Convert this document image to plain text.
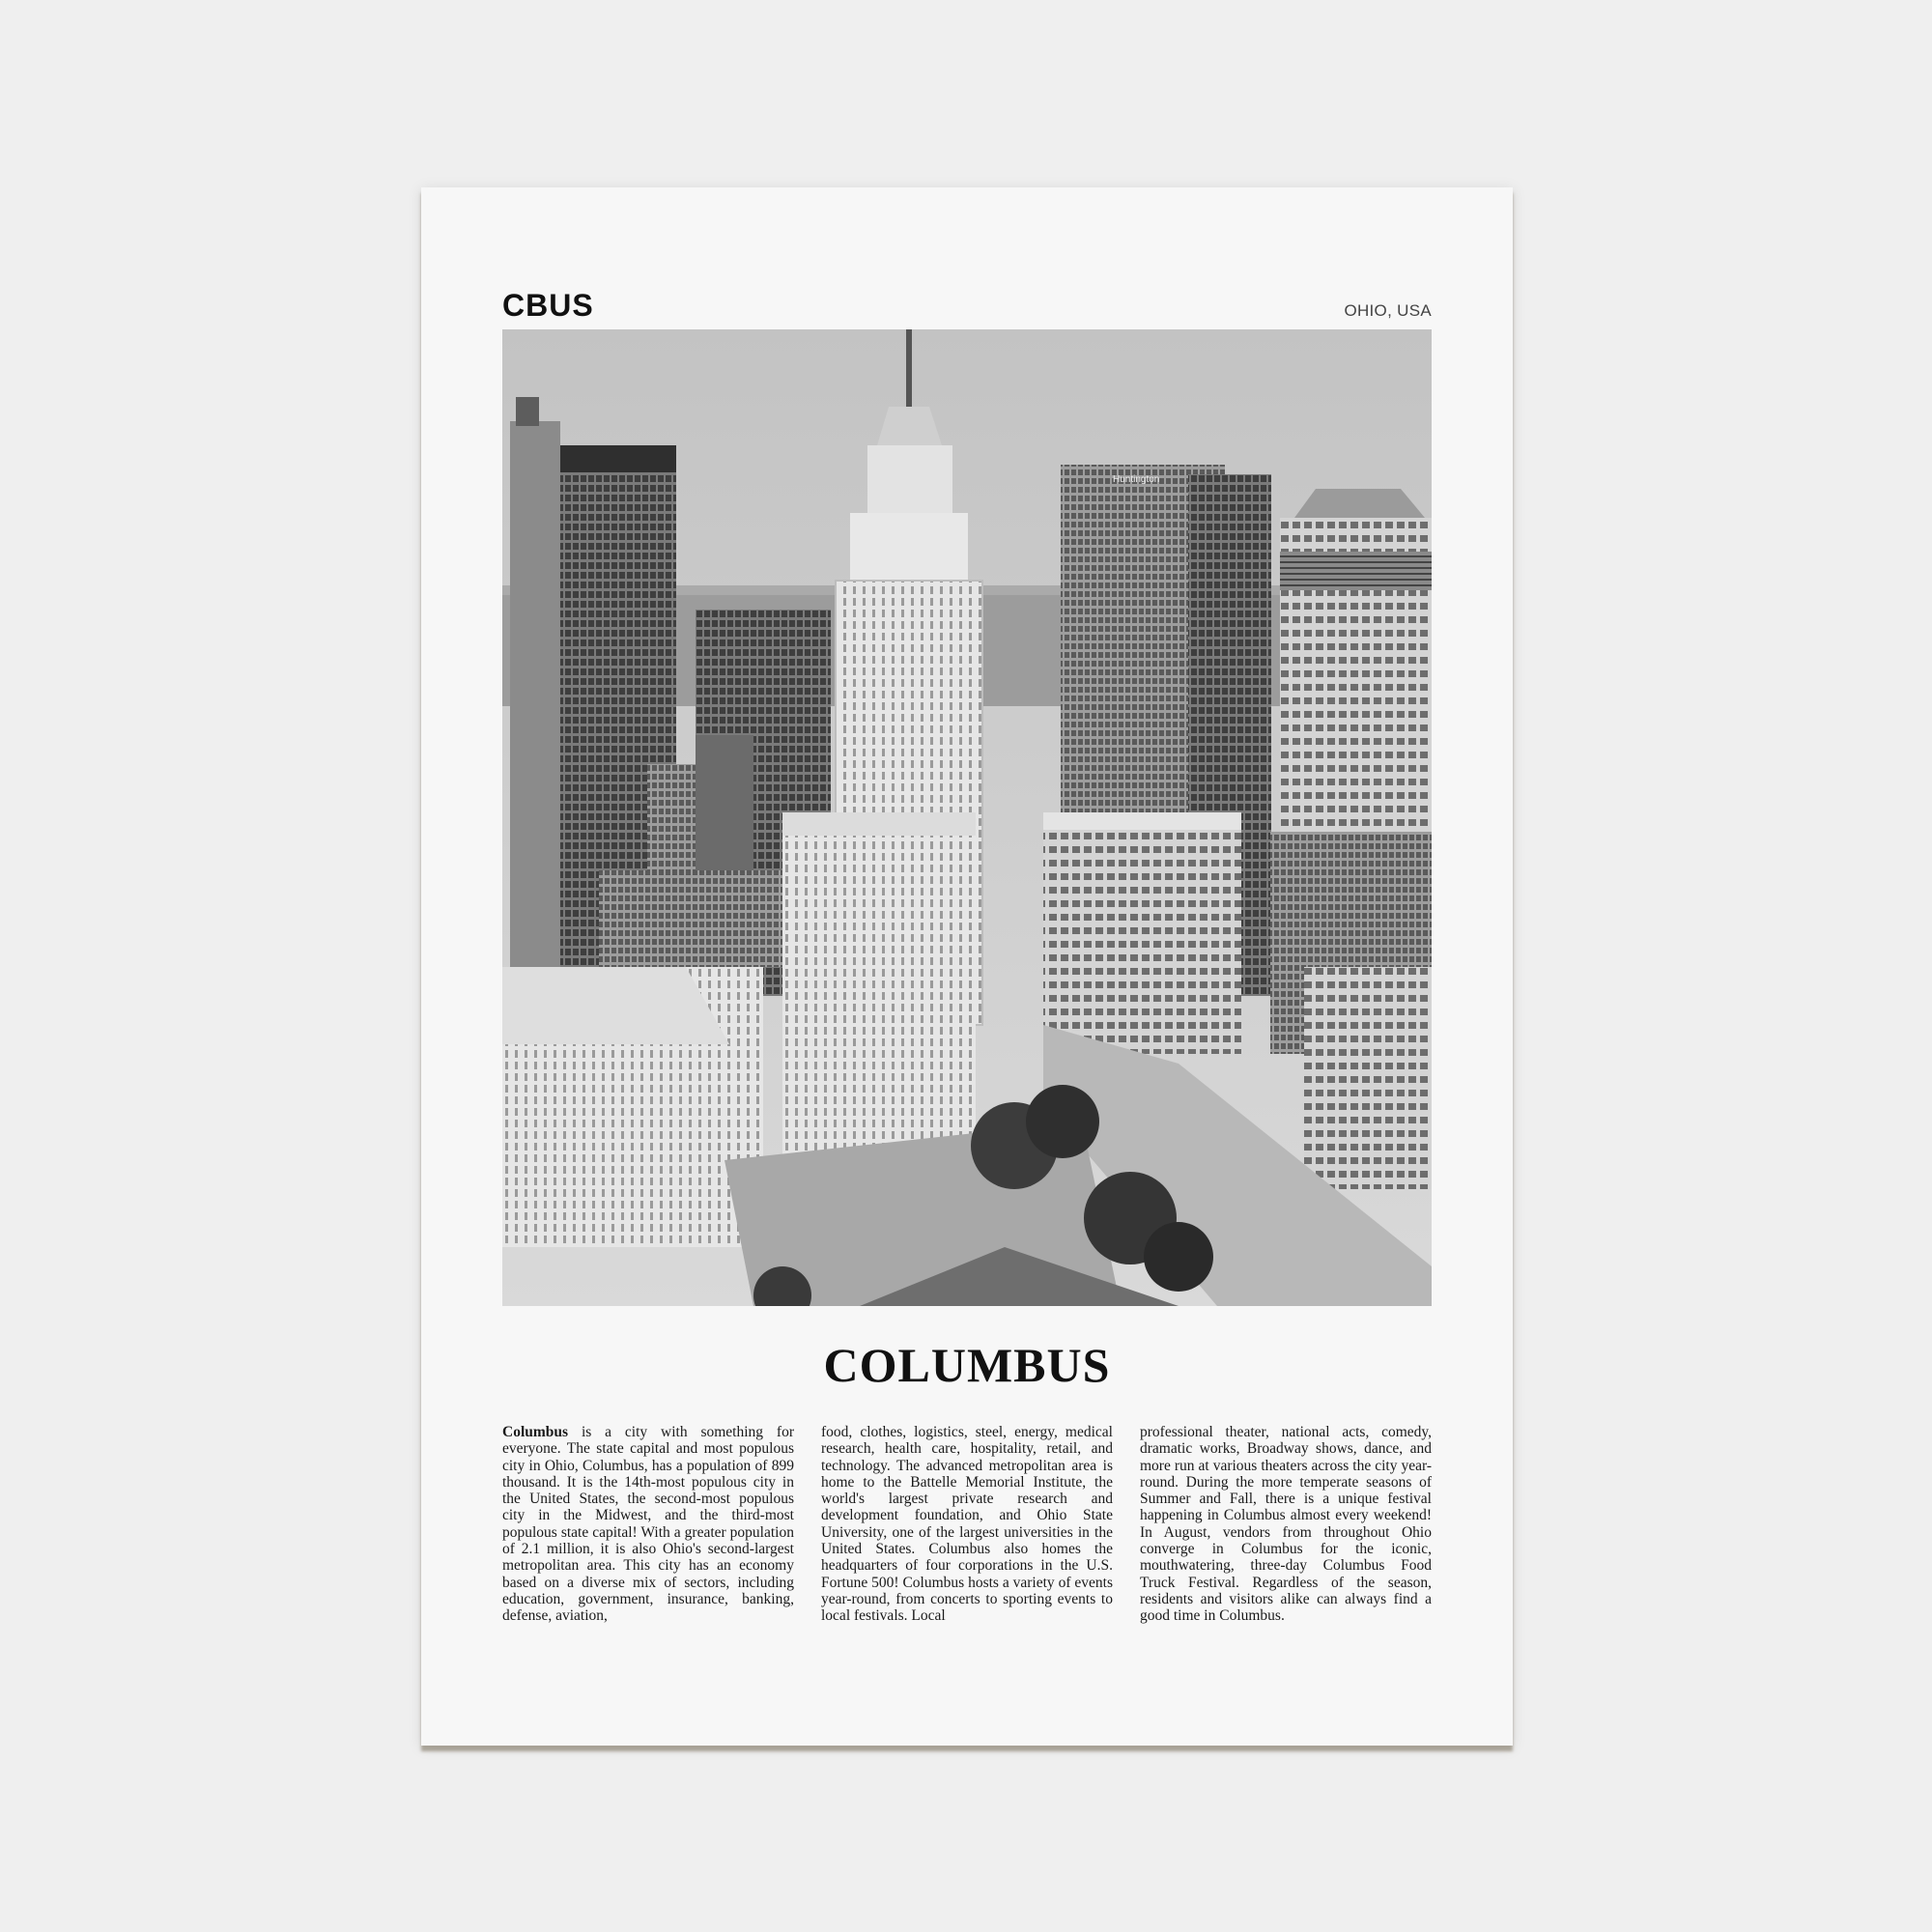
CBUS	OHIO, USA
Huntington
COLUMBUS
Columbus is a city with something for everyone. The state capital and most populous city in Ohio, Columbus, has a population of 899 thousand. It is the 14th-most populous city in the United States, the second-most populous city in the Midwest, and the third-most populous state capital! With a greater population of 2.1 million, it is also Ohio's second-largest metropolitan area. This city has an economy based on a diverse mix of sectors, including education, government, insurance, banking, defense, aviation,
food, clothes, logistics, steel, energy, medical research, health care, hospitality, retail, and technology. The advanced metropolitan area is home to the Battelle Memorial Institute, the world's largest private research and development foundation, and Ohio State University, one of the largest universities in the United States. Columbus also homes the headquarters of four corporations in the U.S. Fortune 500! Columbus hosts a variety of events year-round, from concerts to sporting events to local festivals. Local
professional theater, national acts, comedy, dramatic works, Broadway shows, dance, and more run at various theaters across the city year-round. During the more temperate seasons of Summer and Fall, there is a unique festival happening in Columbus almost every weekend! In August, vendors from throughout Ohio converge in Columbus for the iconic, mouthwatering, three-day Columbus Food Truck Festival. Regardless of the season, residents and visitors alike can always find a good time in Columbus.
